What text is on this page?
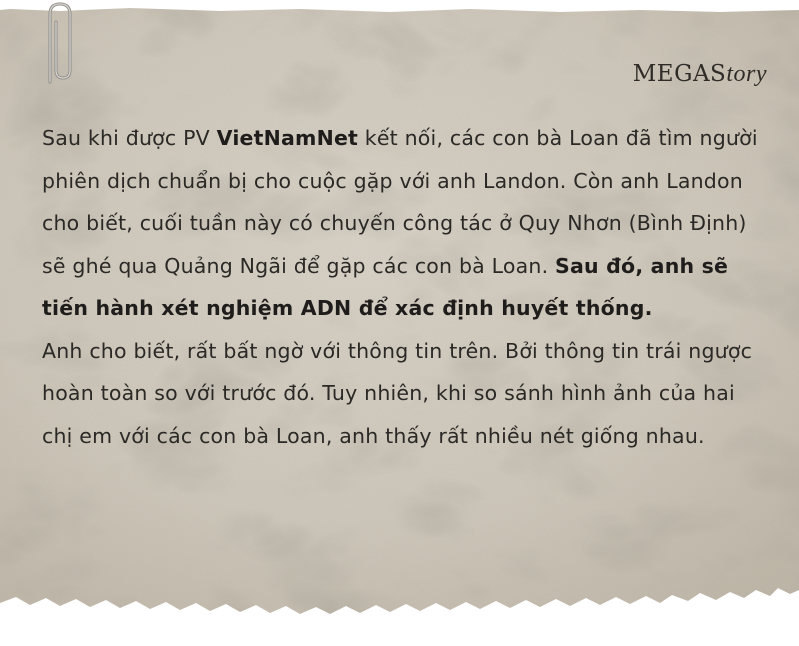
MEGAStory

Sau khi được PV VietNamNet kết nối, các con bà Loan đã tìm người phiên dịch chuẩn bị cho cuộc gặp với anh Landon. Còn anh Landon cho biết, cuối tuần này có chuyến công tác ở Quy Nhơn (Bình Định) sẽ ghé qua Quảng Ngãi để gặp các con bà Loan. Sau đó, anh sẽ tiến hành xét nghiệm ADN để xác định huyết thống.

Anh cho biết, rất bất ngờ với thông tin trên. Bởi thông tin trái ngược hoàn toàn so với trước đó. Tuy nhiên, khi so sánh hình ảnh của hai chị em với các con bà Loan, anh thấy rất nhiều nét giống nhau.
